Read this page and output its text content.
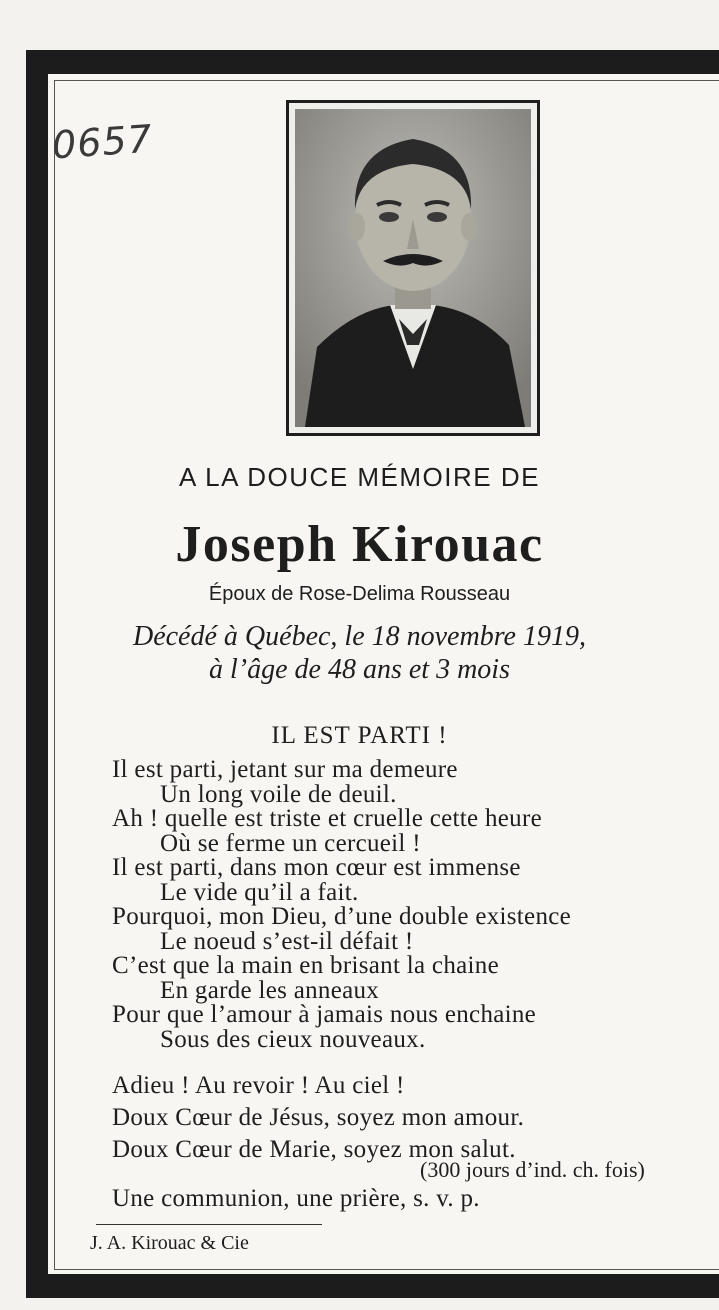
0657
A LA DOUCE MÉMOIRE DE
Joseph Kirouac
Époux de Rose-Delima Rousseau
Décédé à Québec, le 18 novembre 1919,
à l’âge de 48 ans et 3 mois
IL EST PARTI !
Il est parti, jetant sur ma demeure
Un long voile de deuil.
Ah ! quelle est triste et cruelle cette heure
Où se ferme un cercueil !
Il est parti, dans mon cœur est immense
Le vide qu’il a fait.
Pourquoi, mon Dieu, d’une double existence
Le noeud s’est-il défait !
C’est que la main en brisant la chaine
En garde les anneaux
Pour que l’amour à jamais nous enchaine
Sous des cieux nouveaux.
Adieu ! Au revoir ! Au ciel !
Doux Cœur de Jésus, soyez mon amour.
Doux Cœur de Marie, soyez mon salut.
(300 jours d’ind. ch. fois)
Une communion, une prière, s. v. p.
J. A. Kirouac & Cie
